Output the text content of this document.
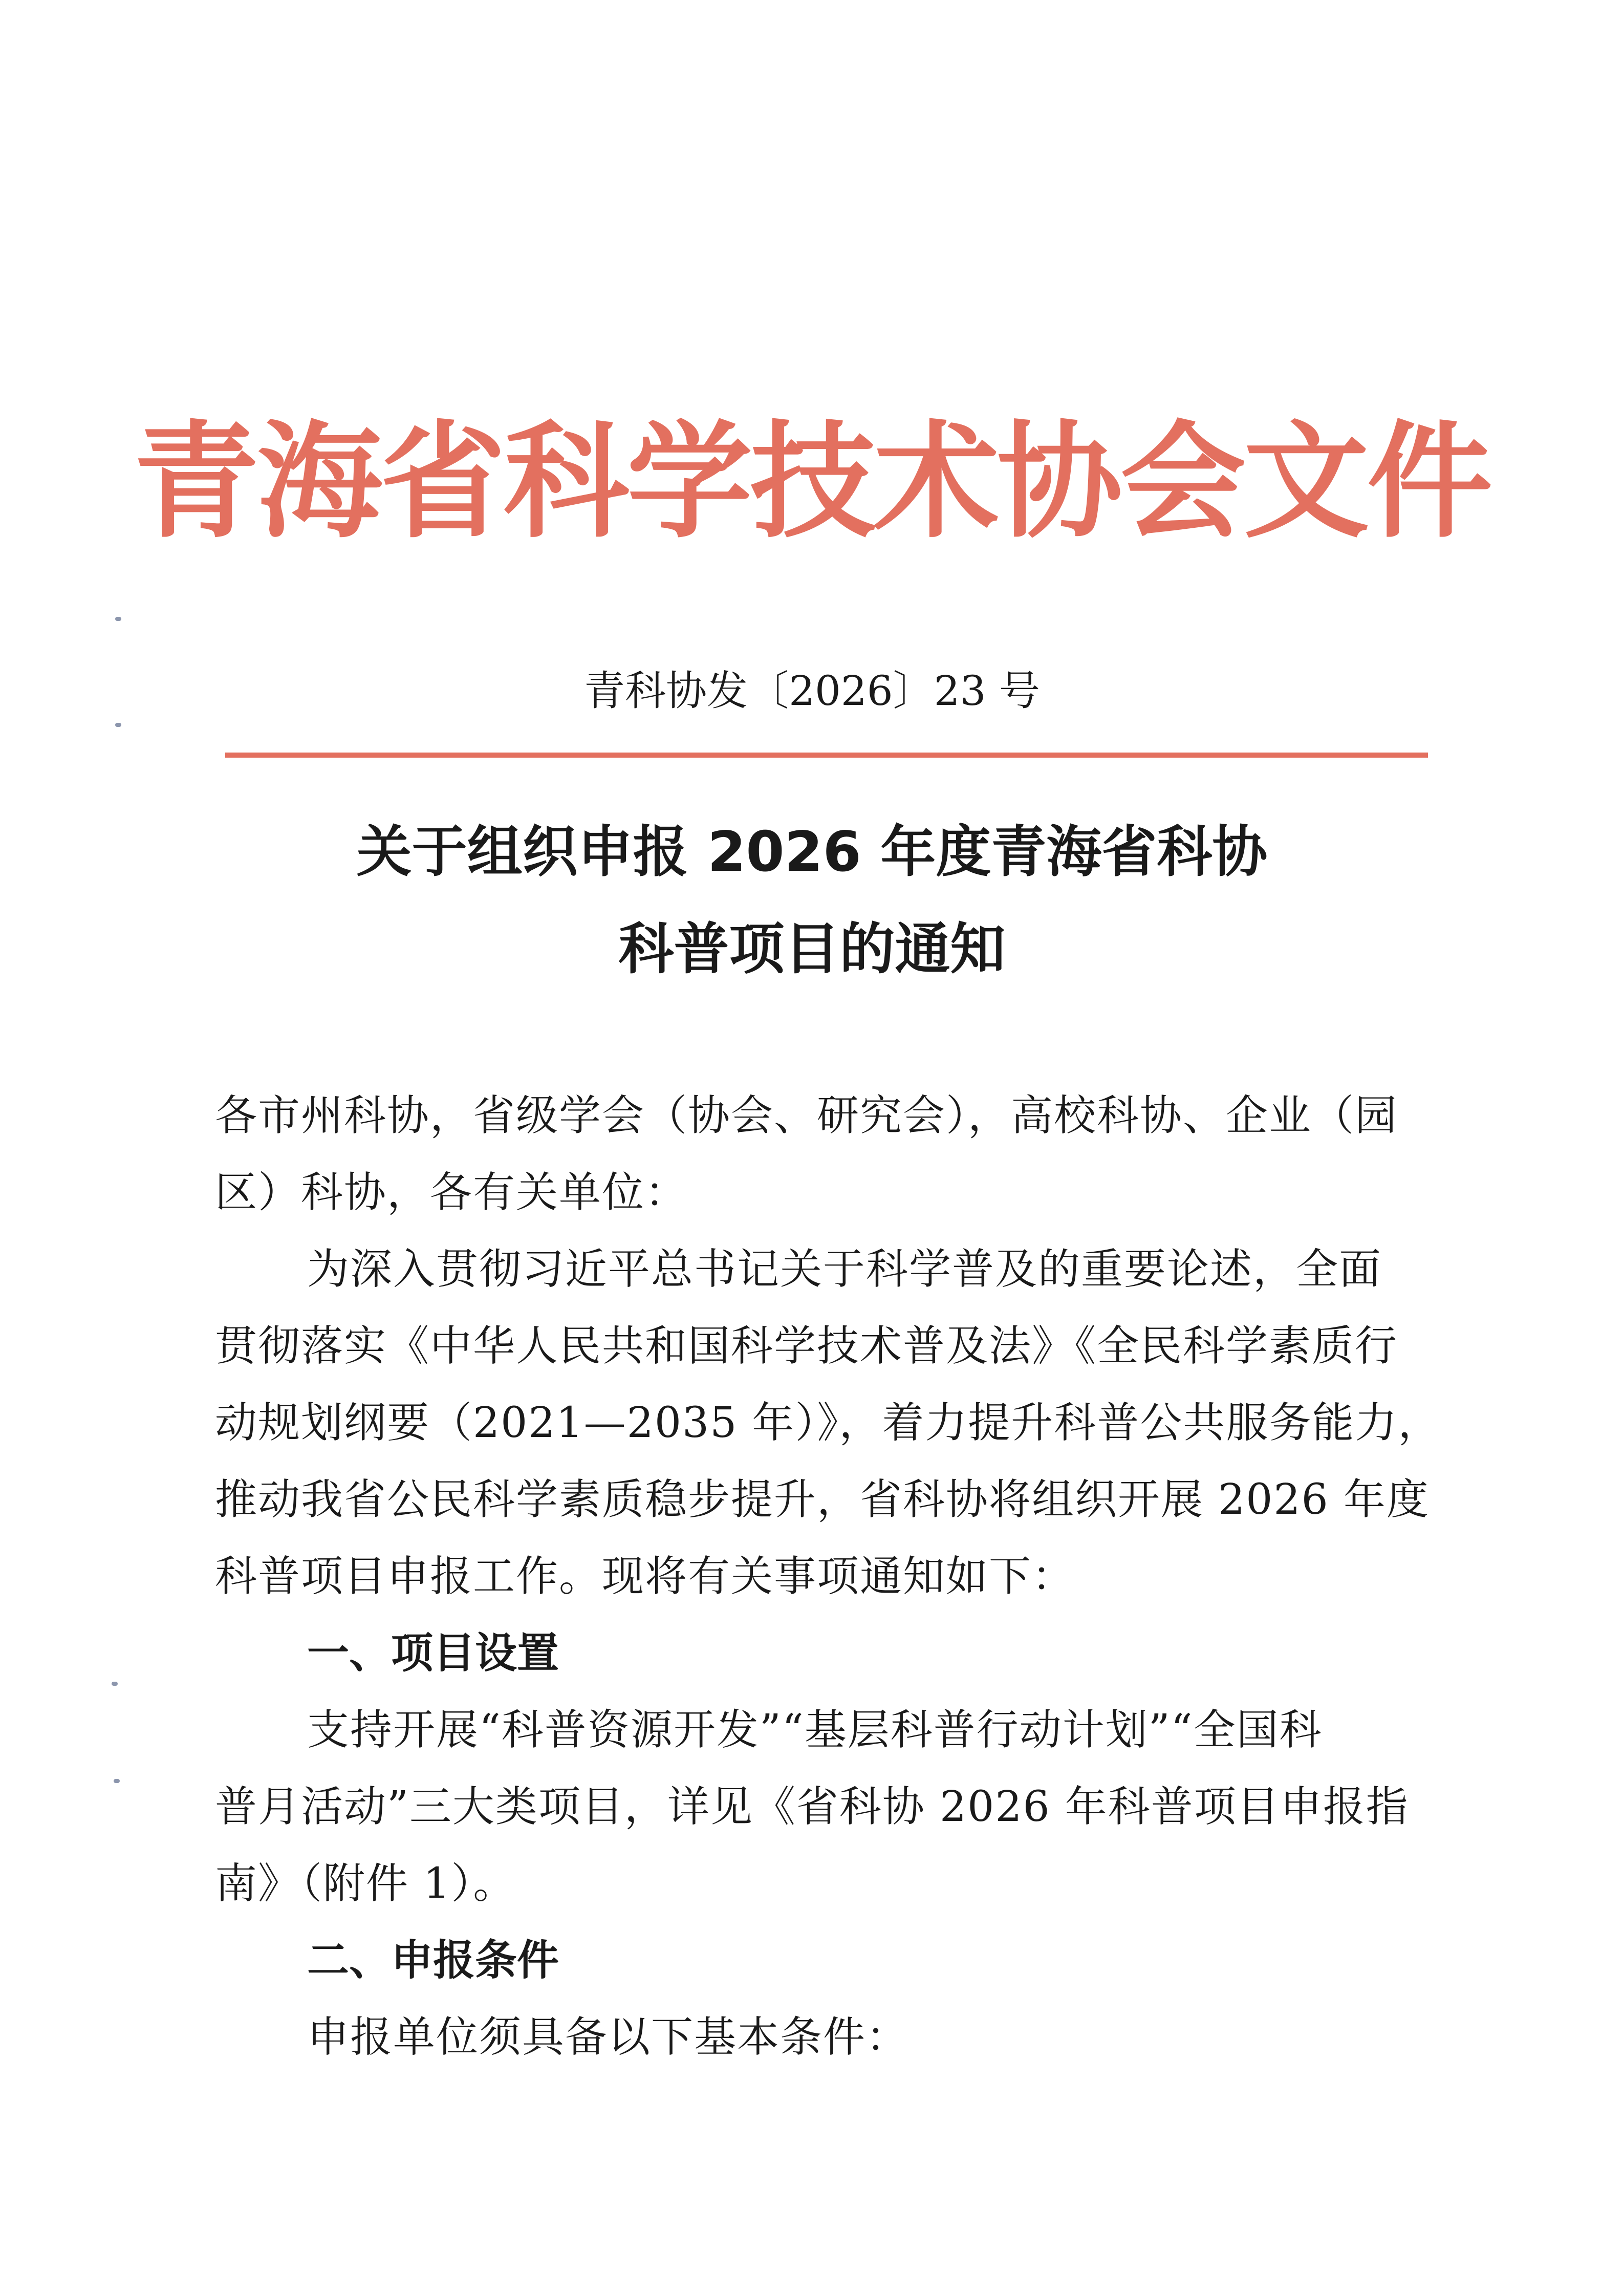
青海省科学技术协会文件
青科协发〔2026〕23 号
关于组织申报 2026 年度青海省科协
科普项目的通知
各市州科协，省级学会（协会、研究会），高校科协、企业（园
区）科协，各有关单位：
为深入贯彻习近平总书记关于科学普及的重要论述，全面
贯彻落实《中华人民共和国科学技术普及法》《全民科学素质行
动规划纲要（2021—2035 年）》，着力提升科普公共服务能力，
推动我省公民科学素质稳步提升，省科协将组织开展 2026 年度
科普项目申报工作。现将有关事项通知如下：
一、项目设置
支持开展“科普资源开发”“基层科普行动计划”“全国科
普月活动”三大类项目，详见《省科协 2026 年科普项目申报指
南》（附件 1）。
二、申报条件
申报单位须具备以下基本条件：
